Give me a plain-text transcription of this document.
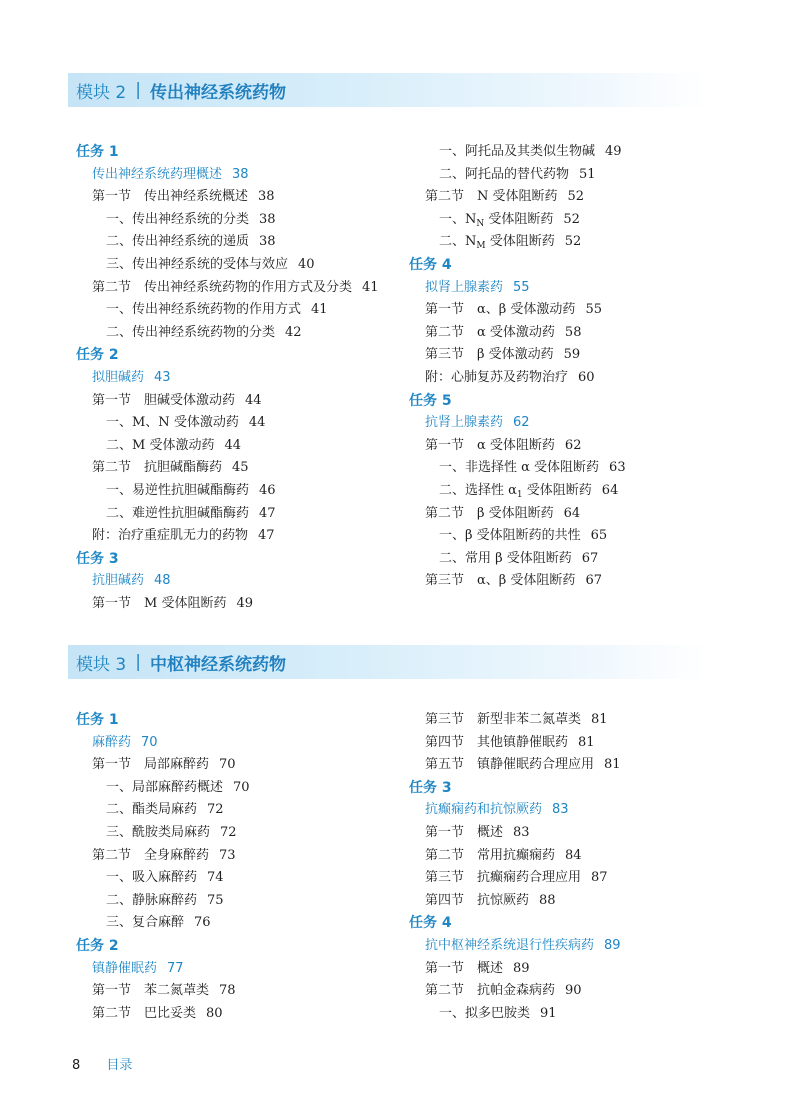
模块 2 | 传出神经系统药物
任务 1
传出神经系统药理概述 38
第一节　传出神经系统概述 38
一、传出神经系统的分类 38
二、传出神经系统的递质 38
三、传出神经系统的受体与效应 40
第二节　传出神经系统药物的作用方式及分类 41
一、传出神经系统药物的作用方式 41
二、传出神经系统药物的分类 42
任务 2
拟胆碱药 43
第一节　胆碱受体激动药 44
一、M、N 受体激动药 44
二、M 受体激动药 44
第二节　抗胆碱酯酶药 45
一、易逆性抗胆碱酯酶药 46
二、难逆性抗胆碱酯酶药 47
附：治疗重症肌无力的药物 47
任务 3
抗胆碱药 48
第一节　M 受体阻断药 49
一、阿托品及其类似生物碱 49
二、阿托品的替代药物 51
第二节　N 受体阻断药 52
一、$N_N$ 受体阻断药 52
二、$N_M$ 受体阻断药 52
任务 4
拟肾上腺素药 55
第一节　α、β 受体激动药 55
第二节　α 受体激动药 58
第三节　β 受体激动药 59
附：心肺复苏及药物治疗 60
任务 5
抗肾上腺素药 62
第一节　α 受体阻断药 62
一、非选择性 α 受体阻断药 63
二、选择性 $\alpha_1$ 受体阻断药 64
第二节　β 受体阻断药 64
一、β 受体阻断药的共性 65
二、常用 β 受体阻断药 67
第三节　α、β 受体阻断药 67
模块 3 | 中枢神经系统药物
任务 1
麻醉药 70
第一节　局部麻醉药 70
一、局部麻醉药概述 70
二、酯类局麻药 72
三、酰胺类局麻药 72
第二节　全身麻醉药 73
一、吸入麻醉药 74
二、静脉麻醉药 75
三、复合麻醉 76
任务 2
镇静催眠药 77
第一节　苯二氮䓬类 78
第二节　巴比妥类 80
第三节　新型非苯二氮䓬类 81
第四节　其他镇静催眠药 81
第五节　镇静催眠药合理应用 81
任务 3
抗癫痫药和抗惊厥药 83
第一节　概述 83
第二节　常用抗癫痫药 84
第三节　抗癫痫药合理应用 87
第四节　抗惊厥药 88
任务 4
抗中枢神经系统退行性疾病药 89
第一节　概述 89
第二节　抗帕金森病药 90
一、拟多巴胺类 91
8 目录
